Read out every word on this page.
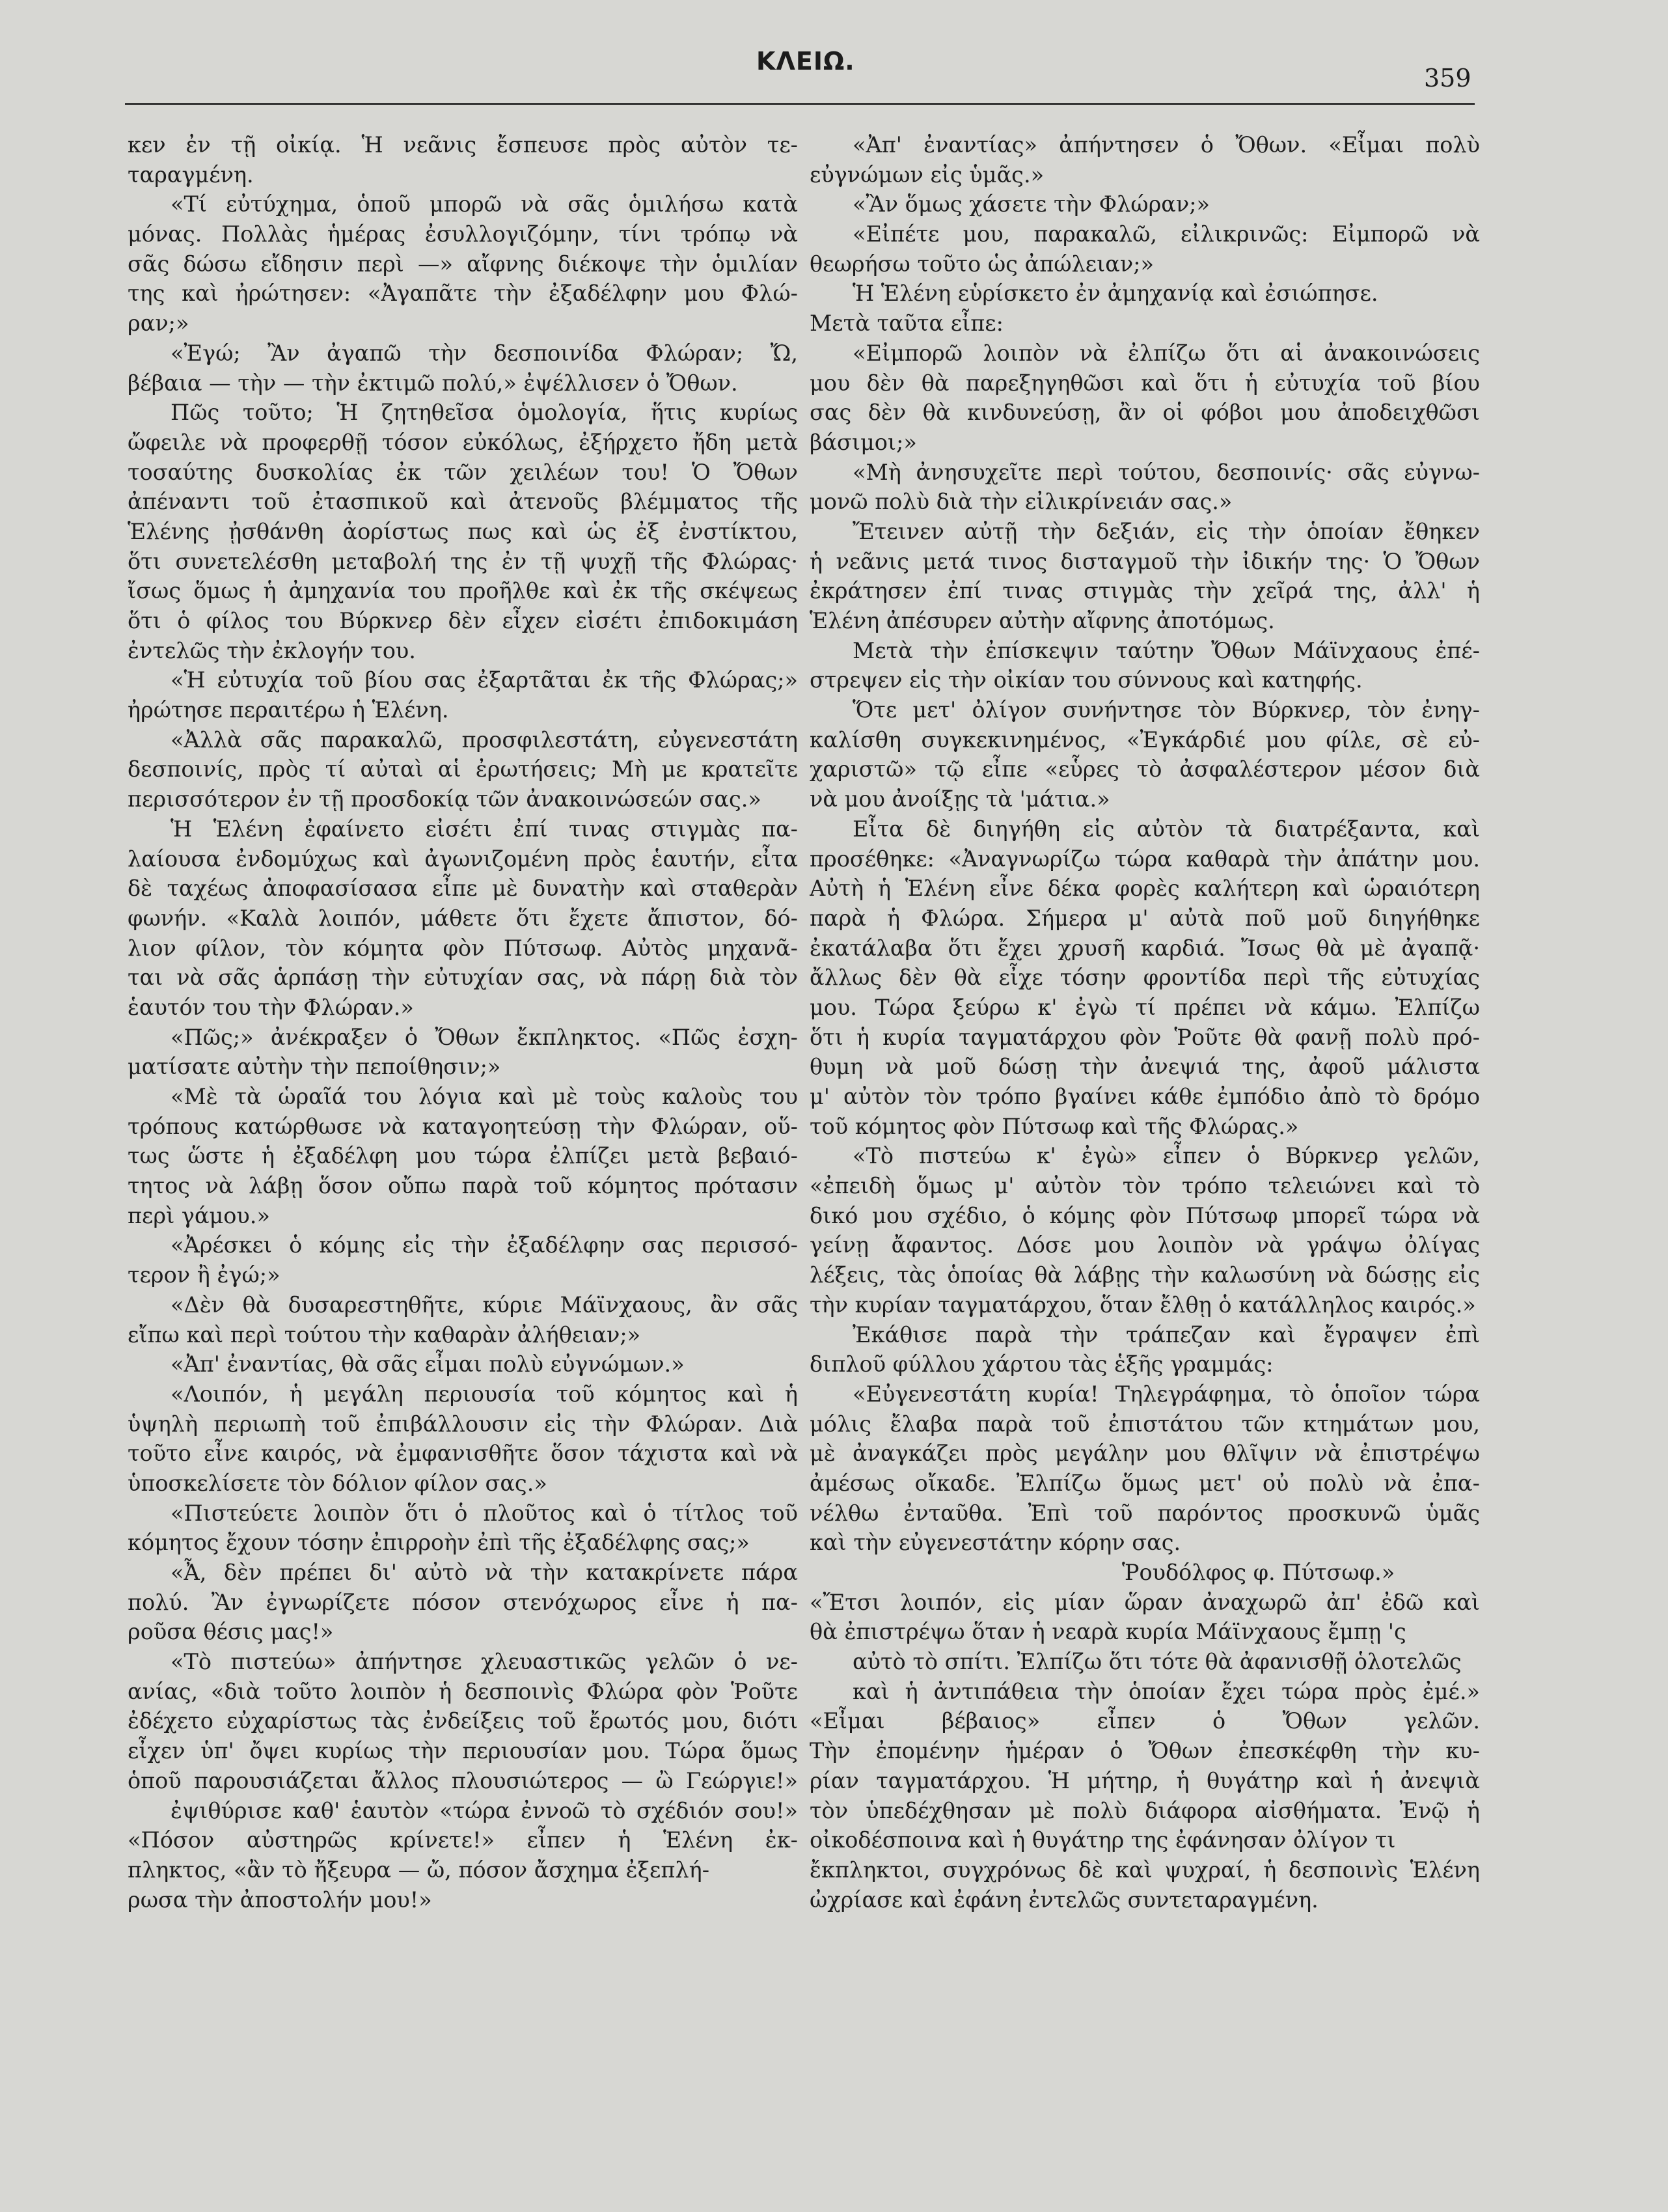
ΚΛΕΙΩ.
359
κεν ἐν τῇ οἰκίᾳ. Ἡ νεᾶνις ἔσπευσε πρὸς αὐτὸν τε-
ταραγμένη.
«Τί εὐτύχημα, ὁποῦ μπορῶ νὰ σᾶς ὁμιλήσω κατὰ
μόνας. Πολλὰς ἡμέρας ἐσυλλογιζόμην, τίνι τρόπῳ νὰ
σᾶς δώσω εἴδησιν περὶ —» αἴφνης διέκοψε τὴν ὁμιλίαν
της καὶ ἠρώτησεν: «Ἀγαπᾶτε τὴν ἐξαδέλφην μου Φλώ-
ραν;»
«Ἐγώ; Ἂν ἀγαπῶ τὴν δεσποινίδα Φλώραν; Ὤ,
βέβαια — τὴν — τὴν ἐκτιμῶ πολύ,» ἐψέλλισεν ὁ Ὄθων.
Πῶς τοῦτο; Ἡ ζητηθεῖσα ὁμολογία, ἥτις κυρίως
ὤφειλε νὰ προφερθῇ τόσον εὐκόλως, ἐξήρχετο ἤδη μετὰ
τοσαύτης δυσκολίας ἐκ τῶν χειλέων του! Ὁ Ὄθων
ἀπέναντι τοῦ ἐτασπικοῦ καὶ ἀτενοῦς βλέμματος τῆς
Ἑλένης ᾐσθάνθη ἀορίστως πως καὶ ὡς ἐξ ἐνστίκτου,
ὅτι συνετελέσθη μεταβολή της ἐν τῇ ψυχῇ τῆς Φλώρας·
ἴσως ὅμως ἡ ἀμηχανία του προῆλθε καὶ ἐκ τῆς σκέψεως
ὅτι ὁ φίλος του Βύρκνερ δὲν εἶχεν εἰσέτι ἐπιδοκιμάση
ἐντελῶς τὴν ἐκλογήν του.
«Ἡ εὐτυχία τοῦ βίου σας ἐξαρτᾶται ἐκ τῆς Φλώρας;»
ἠρώτησε περαιτέρω ἡ Ἑλένη.
«Ἀλλὰ σᾶς παρακαλῶ, προσφιλεστάτη, εὐγενεστάτη
δεσποινίς, πρὸς τί αὐταὶ αἱ ἐρωτήσεις; Μὴ με κρατεῖτε
περισσότερον ἐν τῇ προσδοκίᾳ τῶν ἀνακοινώσεών σας.»
Ἡ Ἑλένη ἐφαίνετο εἰσέτι ἐπί τινας στιγμὰς πα-
λαίουσα ἐνδομύχως καὶ ἀγωνιζομένη πρὸς ἑαυτήν, εἶτα
δὲ ταχέως ἀποφασίσασα εἶπε μὲ δυνατὴν καὶ σταθερὰν
φωνήν. «Καλὰ λοιπόν, μάθετε ὅτι ἔχετε ἄπιστον, δό-
λιον φίλον, τὸν κόμητα φὸν Πύτσωφ. Αὐτὸς μηχανᾶ-
ται νὰ σᾶς ἁρπάσῃ τὴν εὐτυχίαν σας, νὰ πάρῃ διὰ τὸν
ἑαυτόν του τὴν Φλώραν.»
«Πῶς;» ἀνέκραξεν ὁ Ὄθων ἔκπληκτος. «Πῶς ἐσχη-
ματίσατε αὐτὴν τὴν πεποίθησιν;»
«Μὲ τὰ ὡραῖά του λόγια καὶ μὲ τοὺς καλοὺς του
τρόπους κατώρθωσε νὰ καταγοητεύσῃ τὴν Φλώραν, οὕ-
τως ὥστε ἡ ἐξαδέλφη μου τώρα ἐλπίζει μετὰ βεβαιό-
τητος νὰ λάβῃ ὅσον οὔπω παρὰ τοῦ κόμητος πρότασιν
περὶ γάμου.»
«Ἀρέσκει ὁ κόμης εἰς τὴν ἐξαδέλφην σας περισσό-
τερον ἢ ἐγώ;»
«Δὲν θὰ δυσαρεστηθῆτε, κύριε Μάϊνχαους, ἂν σᾶς
εἴπω καὶ περὶ τούτου τὴν καθαρὰν ἀλήθειαν;»
«Ἀπ' ἐναντίας, θὰ σᾶς εἶμαι πολὺ εὐγνώμων.»
«Λοιπόν, ἡ μεγάλη περιουσία τοῦ κόμητος καὶ ἡ
ὑψηλὴ περιωπὴ τοῦ ἐπιβάλλουσιν εἰς τὴν Φλώραν. Διὰ
τοῦτο εἶνε καιρός, νὰ ἐμφανισθῆτε ὅσον τάχιστα καὶ νὰ
ὑποσκελίσετε τὸν δόλιον φίλον σας.»
«Πιστεύετε λοιπὸν ὅτι ὁ πλοῦτος καὶ ὁ τίτλος τοῦ
κόμητος ἔχουν τόσην ἐπιρροὴν ἐπὶ τῆς ἐξαδέλφης σας;»
«Ἆ, δὲν πρέπει δι' αὐτὸ νὰ τὴν κατακρίνετε πάρα
πολύ. Ἂν ἐγνωρίζετε πόσον στενόχωρος εἶνε ἡ πα-
ροῦσα θέσις μας!»
«Τὸ πιστεύω» ἀπήντησε χλευαστικῶς γελῶν ὁ νε-
ανίας, «διὰ τοῦτο λοιπὸν ἡ δεσποινὶς Φλώρα φὸν Ῥοῦτε
ἐδέχετο εὐχαρίστως τὰς ἐνδείξεις τοῦ ἔρωτός μου, διότι
εἶχεν ὑπ' ὄψει κυρίως τὴν περιουσίαν μου. Τώρα ὅμως
ὁποῦ παρουσιάζεται ἄλλος πλουσιώτερος — ὢ Γεώργιε!»
ἐψιθύρισε καθ' ἑαυτὸν «τώρα ἐννοῶ τὸ σχέδιόν σου!»
«Πόσον αὐστηρῶς κρίνετε!» εἶπεν ἡ Ἑλένη ἐκ-
πληκτος, «ἂν τὸ ἤξευρα — ὤ, πόσον ἄσχημα ἐξεπλή-
ρωσα τὴν ἀποστολήν μου!»
«Ἀπ' ἐναντίας» ἀπήντησεν ὁ Ὄθων. «Εἶμαι πολὺ
εὐγνώμων εἰς ὑμᾶς.»
«Ἂν ὅμως χάσετε τὴν Φλώραν;»
«Εἰπέτε μου, παρακαλῶ, εἰλικρινῶς: Εἰμπορῶ νὰ
θεωρήσω τοῦτο ὡς ἀπώλειαν;»
Ἡ Ἑλένη εὑρίσκετο ἐν ἀμηχανίᾳ καὶ ἐσιώπησε.
Μετὰ ταῦτα εἶπε:
«Εἰμπορῶ λοιπὸν νὰ ἐλπίζω ὅτι αἱ ἀνακοινώσεις
μου δὲν θὰ παρεξηγηθῶσι καὶ ὅτι ἡ εὐτυχία τοῦ βίου
σας δὲν θὰ κινδυνεύσῃ, ἂν οἱ φόβοι μου ἀποδειχθῶσι
βάσιμοι;»
«Μὴ ἀνησυχεῖτε περὶ τούτου, δεσποινίς· σᾶς εὐγνω-
μονῶ πολὺ διὰ τὴν εἰλικρίνειάν σας.»
Ἔτεινεν αὐτῇ τὴν δεξιάν, εἰς τὴν ὁποίαν ἔθηκεν
ἡ νεᾶνις μετά τινος δισταγμοῦ τὴν ἰδικήν της· Ὁ Ὄθων
ἐκράτησεν ἐπί τινας στιγμὰς τὴν χεῖρά της, ἀλλ' ἡ
Ἑλένη ἀπέσυρεν αὐτὴν αἴφνης ἀποτόμως.
Μετὰ τὴν ἐπίσκεψιν ταύτην Ὄθων Μάϊνχαους ἐπέ-
στρεψεν εἰς τὴν οἰκίαν του σύννους καὶ κατηφής.
Ὅτε μετ' ὀλίγον συνήντησε τὸν Βύρκνερ, τὸν ἐνηγ-
καλίσθη συγκεκινημένος, «Ἐγκάρδιέ μου φίλε, σὲ εὐ-
χαριστῶ» τῷ εἶπε «εὗρες τὸ ἀσφαλέστερον μέσον διὰ
νὰ μου ἀνοίξῃς τὰ 'μάτια.»
Εἶτα δὲ διηγήθη εἰς αὐτὸν τὰ διατρέξαντα, καὶ
προσέθηκε: «Ἀναγνωρίζω τώρα καθαρὰ τὴν ἀπάτην μου.
Αὐτὴ ἡ Ἑλένη εἶνε δέκα φορὲς καλήτερη καὶ ὡραιότερη
παρὰ ἡ Φλώρα. Σήμερα μ' αὐτὰ ποῦ μοῦ διηγήθηκε
ἐκατάλαβα ὅτι ἔχει χρυσῆ καρδιά. Ἴσως θὰ μὲ ἀγαπᾷ·
ἄλλως δὲν θὰ εἶχε τόσην φροντίδα περὶ τῆς εὐτυχίας
μου. Τώρα ξεύρω κ' ἐγὼ τί πρέπει νὰ κάμω. Ἐλπίζω
ὅτι ἡ κυρία ταγματάρχου φὸν Ῥοῦτε θὰ φανῇ πολὺ πρό-
θυμη νὰ μοῦ δώσῃ τὴν ἀνεψιά της, ἀφοῦ μάλιστα
μ' αὐτὸν τὸν τρόπο βγαίνει κάθε ἐμπόδιο ἀπὸ τὸ δρόμο
τοῦ κόμητος φὸν Πύτσωφ καὶ τῆς Φλώρας.»
«Τὸ πιστεύω κ' ἐγὼ» εἶπεν ὁ Βύρκνερ γελῶν,
«ἐπειδὴ ὅμως μ' αὐτὸν τὸν τρόπο τελειώνει καὶ τὸ
δικό μου σχέδιο, ὁ κόμης φὸν Πύτσωφ μπορεῖ τώρα νὰ
γείνῃ ἄφαντος. Δόσε μου λοιπὸν νὰ γράψω ὀλίγας
λέξεις, τὰς ὁποίας θὰ λάβῃς τὴν καλωσύνη νὰ δώσῃς εἰς
τὴν κυρίαν ταγματάρχου, ὅταν ἔλθῃ ὁ κατάλληλος καιρός.»
Ἐκάθισε παρὰ τὴν τράπεζαν καὶ ἔγραψεν ἐπὶ
διπλοῦ φύλλου χάρτου τὰς ἑξῆς γραμμάς:
«Εὐγενεστάτη κυρία! Τηλεγράφημα, τὸ ὁποῖον τώρα
μόλις ἔλαβα παρὰ τοῦ ἐπιστάτου τῶν κτημάτων μου,
μὲ ἀναγκάζει πρὸς μεγάλην μου θλῖψιν νὰ ἐπιστρέψω
ἀμέσως οἴκαδε. Ἐλπίζω ὅμως μετ' οὐ πολὺ νὰ ἐπα-
νέλθω ἐνταῦθα. Ἐπὶ τοῦ παρόντος προσκυνῶ ὑμᾶς
καὶ τὴν εὐγενεστάτην κόρην σας.
Ῥουδόλφος φ. Πύτσωφ.»
«Ἔτσι λοιπόν, εἰς μίαν ὥραν ἀναχωρῶ ἀπ' ἐδῶ καὶ
θὰ ἐπιστρέψω ὅταν ἡ νεαρὰ κυρία Μάϊνχαους ἔμπῃ 'ς
αὐτὸ τὸ σπίτι. Ἐλπίζω ὅτι τότε θὰ ἀφανισθῇ ὁλοτελῶς
καὶ ἡ ἀντιπάθεια τὴν ὁποίαν ἔχει τώρα πρὸς ἐμέ.»
«Εἶμαι βέβαιος» εἶπεν ὁ Ὄθων γελῶν.
Τὴν ἐπομένην ἡμέραν ὁ Ὄθων ἐπεσκέφθη τὴν κυ-
ρίαν ταγματάρχου. Ἡ μήτηρ, ἡ θυγάτηρ καὶ ἡ ἀνεψιὰ
τὸν ὑπεδέχθησαν μὲ πολὺ διάφορα αἰσθήματα. Ἐνῷ ἡ
οἰκοδέσποινα καὶ ἡ θυγάτηρ της ἐφάνησαν ὀλίγον τι
ἔκπληκτοι, συγχρόνως δὲ καὶ ψυχραί, ἡ δεσποινὶς Ἑλένη
ὠχρίασε καὶ ἐφάνη ἐντελῶς συντεταραγμένη.
